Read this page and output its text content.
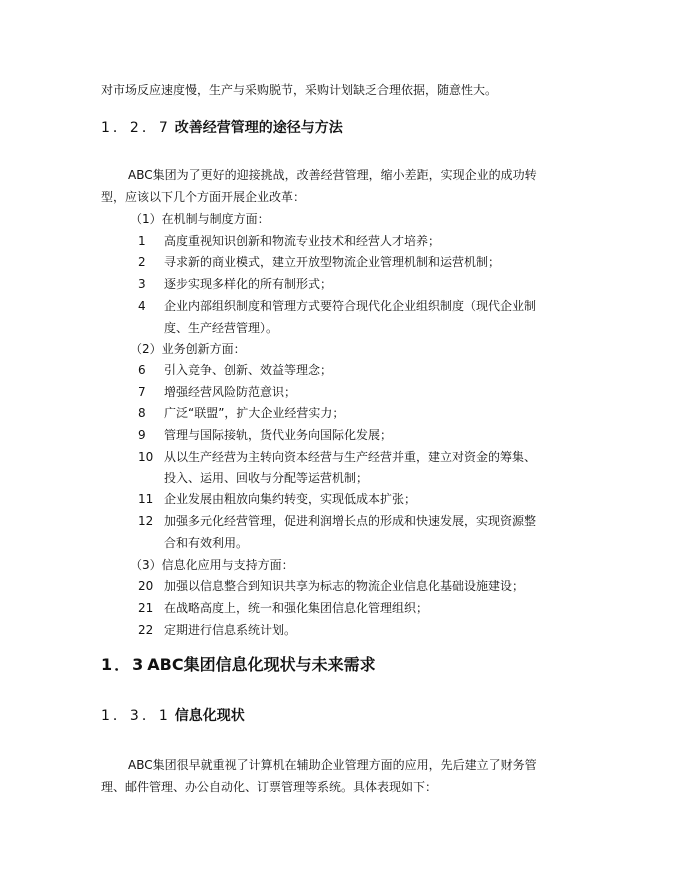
对市场反应速度慢，生产与采购脱节，采购计划缺乏合理依据，随意性大。
1．2．7 改善经营管理的途径与方法
ABC集团为了更好的迎接挑战，改善经营管理，缩小差距，实现企业的成功转
型，应该以下几个方面开展企业改革：
（1）在机制与制度方面：
1 高度重视知识创新和物流专业技术和经营人才培养；
2 寻求新的商业模式，建立开放型物流企业管理机制和运营机制；
3 逐步实现多样化的所有制形式；
4 企业内部组织制度和管理方式要符合现代化企业组织制度（现代企业制
度、生产经营管理）。
（2）业务创新方面：
6 引入竞争、创新、效益等理念；
7 增强经营风险防范意识；
8 广泛“联盟”，扩大企业经营实力；
9 管理与国际接轨，货代业务向国际化发展；
10 从以生产经营为主转向资本经营与生产经营并重，建立对资金的筹集、
投入、运用、回收与分配等运营机制；
11 企业发展由粗放向集约转变，实现低成本扩张；
12 加强多元化经营管理，促进利润增长点的形成和快速发展，实现资源整
合和有效利用。
（3）信息化应用与支持方面：
20 加强以信息整合到知识共享为标志的物流企业信息化基础设施建设；
21 在战略高度上，统一和强化集团信息化管理组织；
22 定期进行信息系统计划。
1．3 ABC集团信息化现状与未来需求
1．3．1 信息化现状
ABC集团很早就重视了计算机在辅助企业管理方面的应用，先后建立了财务管
理、邮件管理、办公自动化、订票管理等系统。具体表现如下：
